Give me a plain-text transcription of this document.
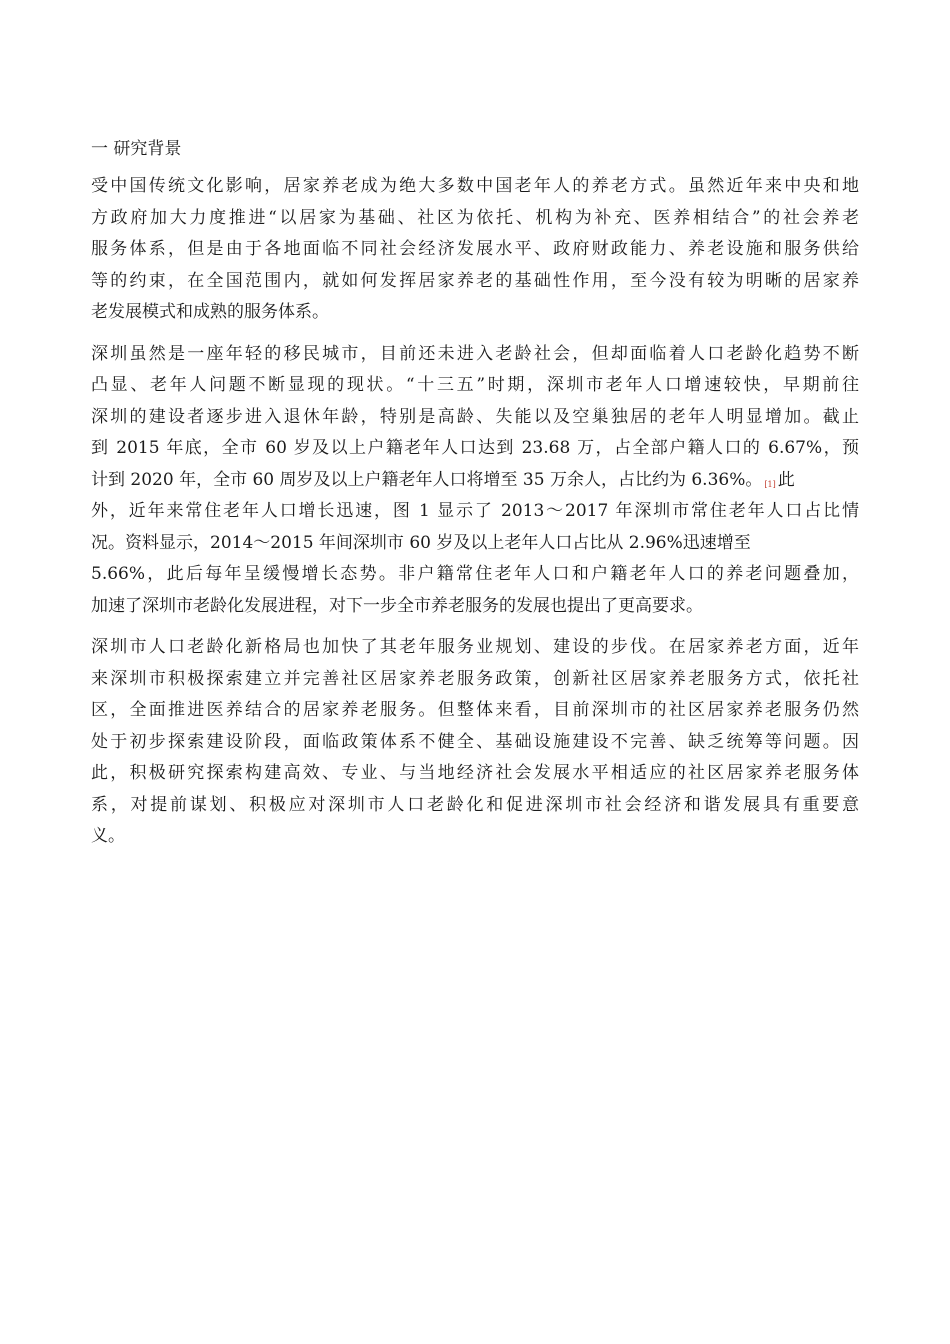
一 研究背景
受中国传统文化影响，居家养老成为绝大多数中国老年人的养老方式。虽然近年来中央和地
方政府加大力度推进“以居家为基础、社区为依托、机构为补充、医养相结合”的社会养老
服务体系，但是由于各地面临不同社会经济发展水平、政府财政能力、养老设施和服务供给
等的约束，在全国范围内，就如何发挥居家养老的基础性作用，至今没有较为明晰的居家养
老发展模式和成熟的服务体系。
深圳虽然是一座年轻的移民城市，目前还未进入老龄社会，但却面临着人口老龄化趋势不断
凸显、老年人问题不断显现的现状。“十三五”时期，深圳市老年人口增速较快，早期前往
深圳的建设者逐步进入退休年龄，特别是高龄、失能以及空巢独居的老年人明显增加。截止
到 2015 年底，全市 60 岁及以上户籍老年人口达到 23.68 万，占全部户籍人口的 6.67%，预
计到 2020 年，全市 60 周岁及以上户籍老年人口将增至 35 万余人，占比约为 6.36%。 [1] 此
外，近年来常住老年人口增长迅速，图 1 显示了 2013～2017 年深圳市常住老年人口占比情
况。资料显示，2014～2015 年间深圳市 60 岁及以上老年人口占比从 2.96%迅速增至
5.66%，此后每年呈缓慢增长态势。非户籍常住老年人口和户籍老年人口的养老问题叠加，
加速了深圳市老龄化发展进程，对下一步全市养老服务的发展也提出了更高要求。
深圳市人口老龄化新格局也加快了其老年服务业规划、建设的步伐。在居家养老方面，近年
来深圳市积极探索建立并完善社区居家养老服务政策，创新社区居家养老服务方式，依托社
区，全面推进医养结合的居家养老服务。但整体来看，目前深圳市的社区居家养老服务仍然
处于初步探索建设阶段，面临政策体系不健全、基础设施建设不完善、缺乏统筹等问题。因
此，积极研究探索构建高效、专业、与当地经济社会发展水平相适应的社区居家养老服务体
系，对提前谋划、积极应对深圳市人口老龄化和促进深圳市社会经济和谐发展具有重要意
义。
